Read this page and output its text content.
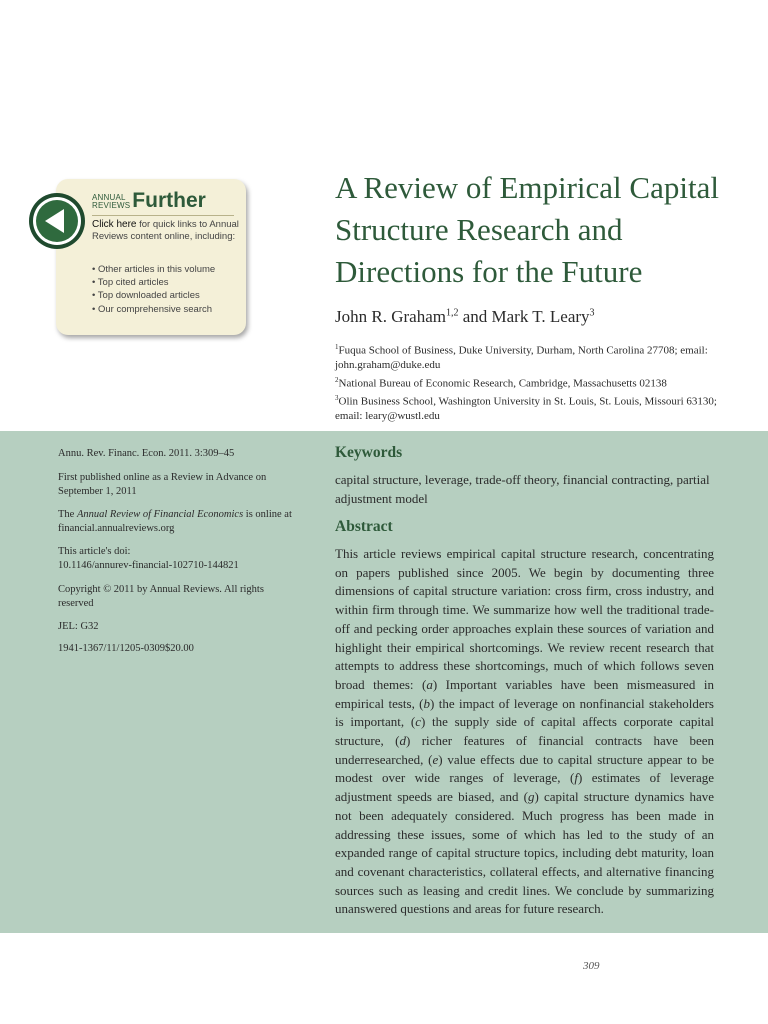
ANNUAL
REVIEWSFurther
Click here for quick links to Annual Reviews content online, including:
• Other articles in this volume
• Top cited articles
• Top downloaded articles
• Our comprehensive search
A Review of Empirical Capital Structure Research and Directions for the Future
John R. Graham$^{1,2}$ and Mark T. Leary$^3$
$^1$Fuqua School of Business, Duke University, Durham, North Carolina 27708; email: john.graham@duke.edu
$^2$National Bureau of Economic Research, Cambridge, Massachusetts 02138
$^3$Olin Business School, Washington University in St. Louis, St. Louis, Missouri 63130; email: leary@wustl.edu
Annu. Rev. Financ. Econ. 2011. 3:309–45
First published online as a Review in Advance on September 1, 2011
The Annual Review of Financial Economics is online at financial.annualreviews.org
This article's doi:
10.1146/annurev-financial-102710-144821
Copyright © 2011 by Annual Reviews. All rights reserved
JEL: G32
1941-1367/11/1205-0309$20.00
Keywords
capital structure, leverage, trade-off theory, financial contracting, partial adjustment model
Abstract

This article reviews empirical capital structure research, concentrating on papers published since 2005. We begin by documenting three dimensions of capital structure variation: cross firm, cross industry, and within firm through time. We summarize how well the traditional trade-off and pecking order approaches explain these sources of variation and highlight their empirical shortcomings. We review recent research that attempts to address these shortcomings, much of which follows seven broad themes: (a) Important variables have been mismeasured in empirical tests, (b) the impact of leverage on nonfinancial stakeholders is important, (c) the supply side of capital affects corporate capital structure, (d) richer features of financial contracts have been underresearched, (e) value effects due to capital structure appear to be modest over wide ranges of leverage, (f) estimates of leverage adjustment speeds are biased, and (g) capital structure dynamics have not been adequately considered. Much progress has been made in addressing these issues, some of which has led to the study of an expanded range of capital structure topics, including debt maturity, loan and covenant characteristics, collateral effects, and alternative financing sources such as leasing and credit lines. We conclude by summarizing unanswered questions and areas for future research.

309
